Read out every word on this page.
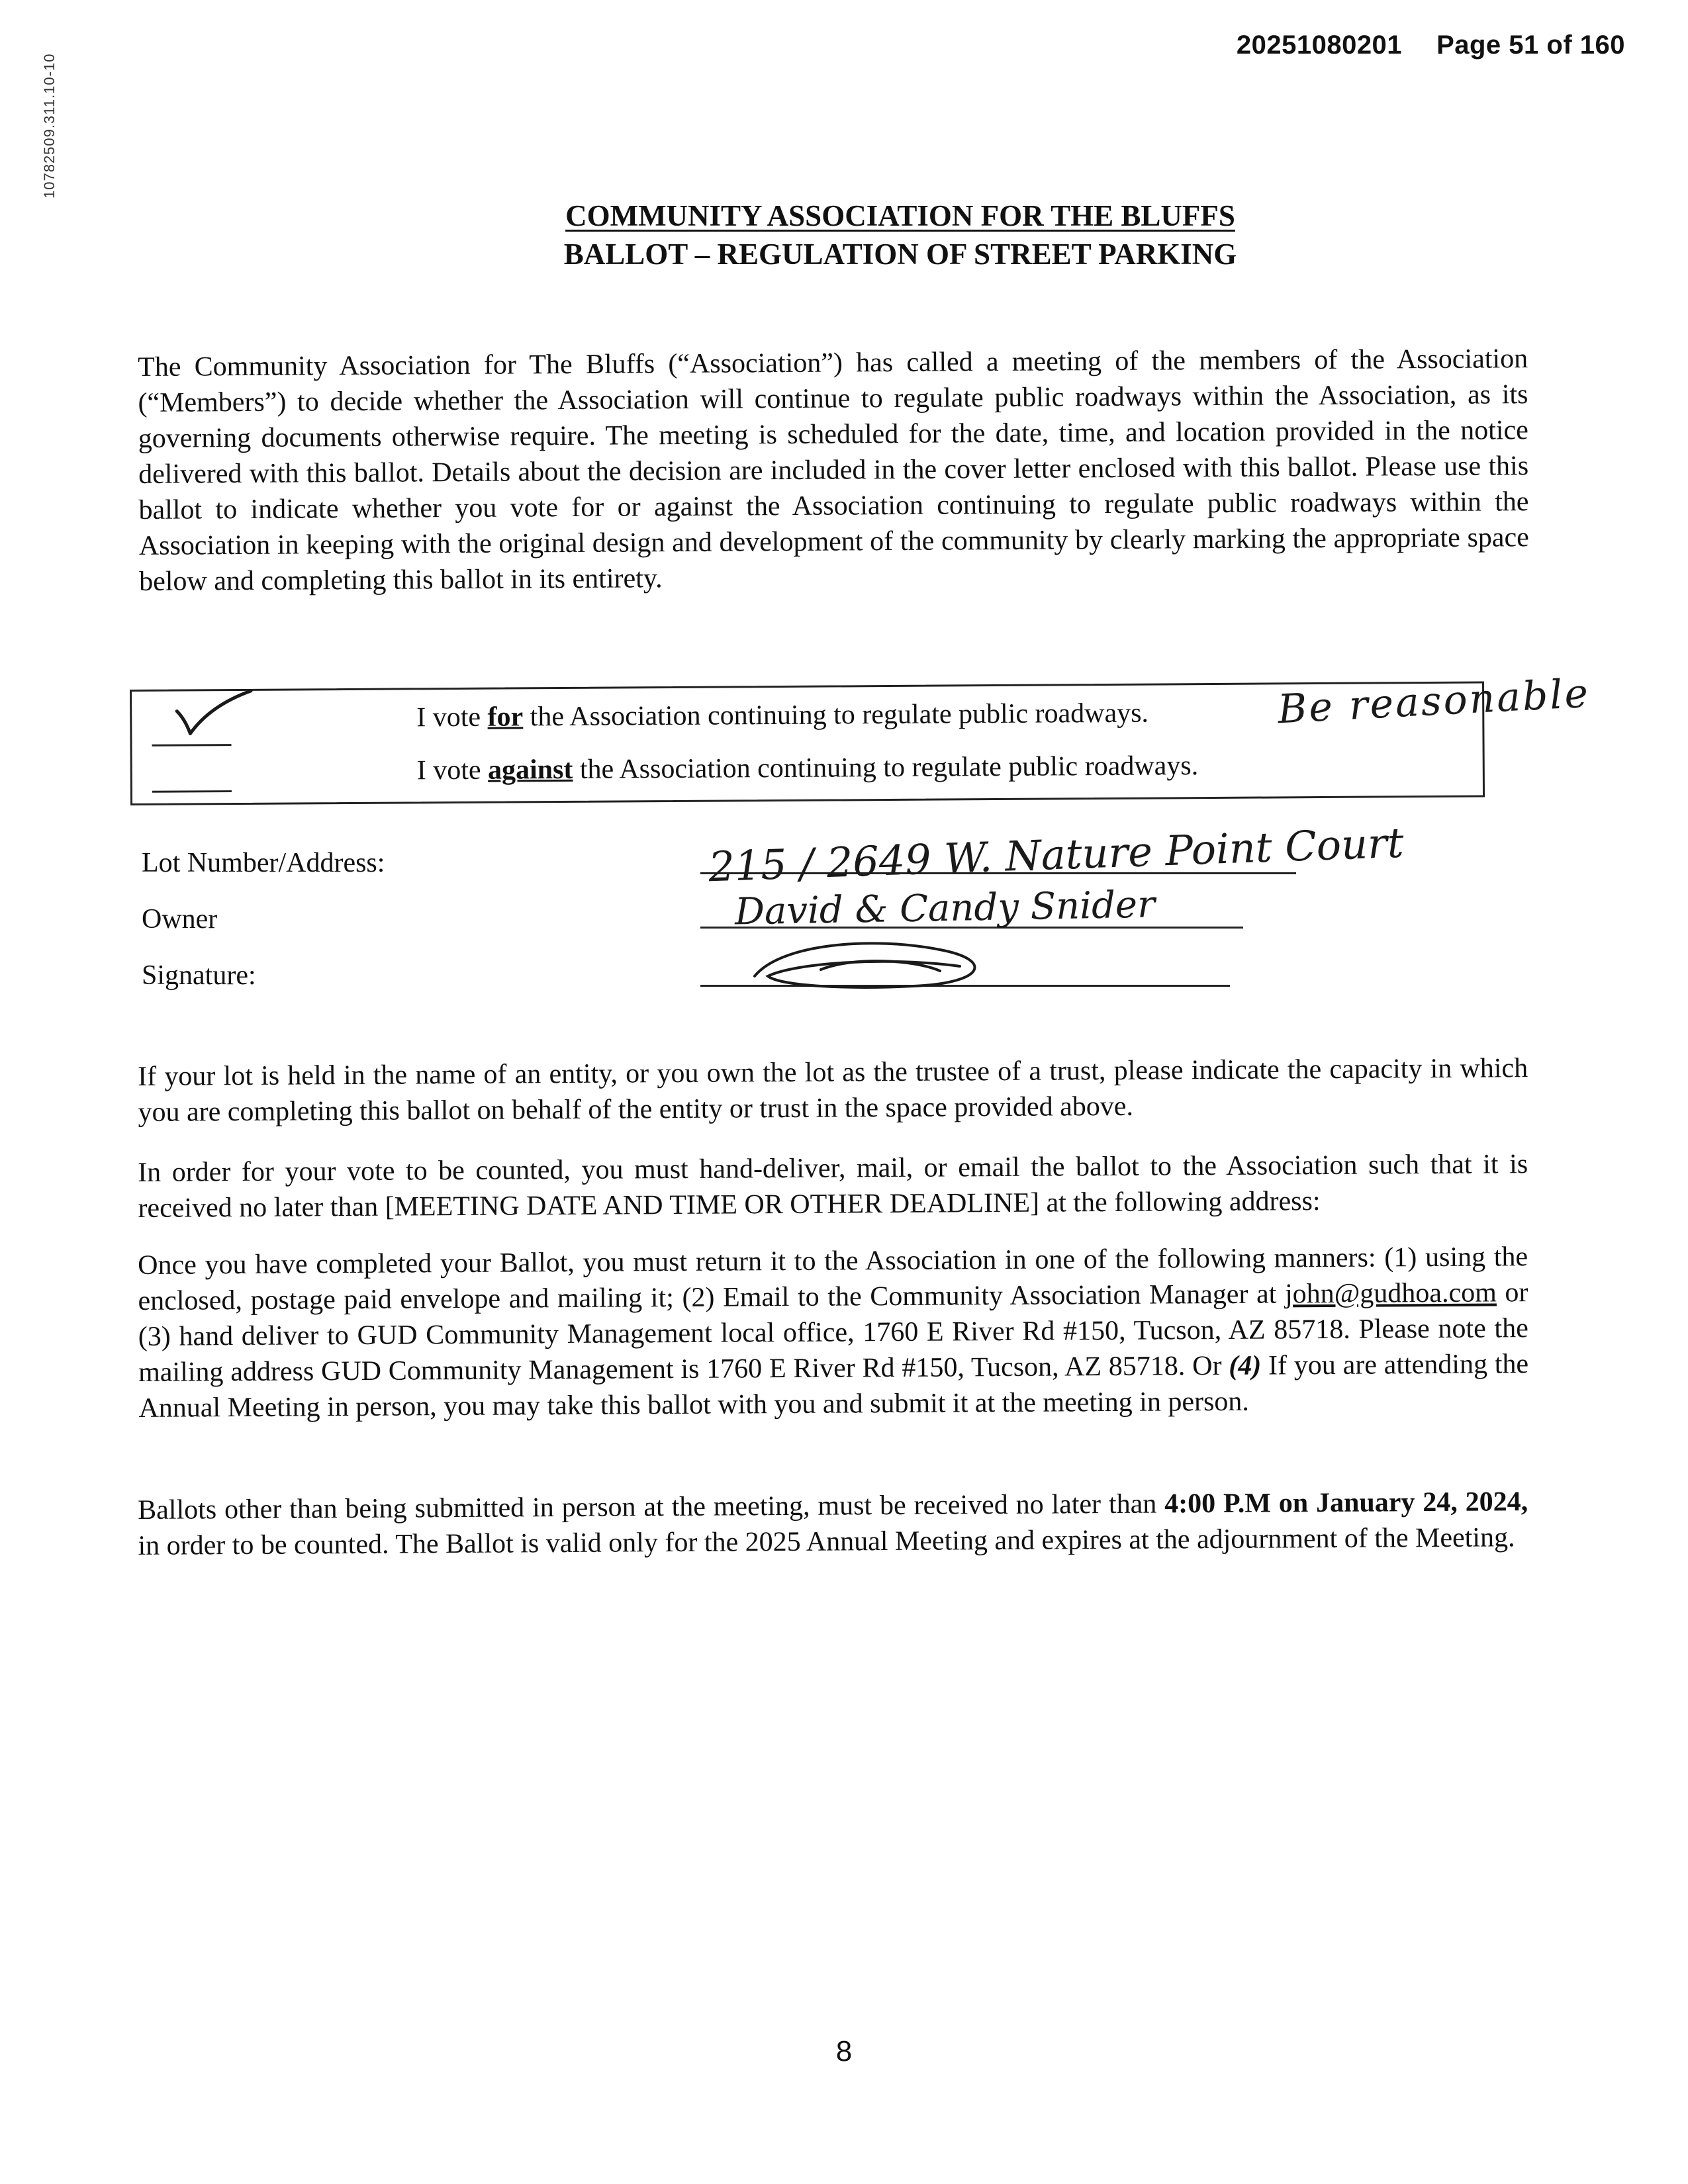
20251080201 Page 51 of 160
10782509.311.10-10
COMMUNITY ASSOCIATION FOR THE BLUFFS
BALLOT – REGULATION OF STREET PARKING
The Community Association for The Bluffs (“Association”) has called a meeting of the members of the Association (“Members”) to decide whether the Association will continue to regulate public roadways within the Association, as its governing documents otherwise require. The meeting is scheduled for the date, time, and location provided in the notice delivered with this ballot. Details about the decision are included in the cover letter enclosed with this ballot. Please use this ballot to indicate whether you vote for or against the Association continuing to regulate public roadways within the Association in keeping with the original design and development of the community by clearly marking the appropriate space below and completing this ballot in its entirety.
I vote for the Association continuing to regulate public roadways.
I vote against the Association continuing to regulate public roadways.
Be reasonable
Lot Number/Address:	215 / 2649 W. Nature Point Court
Owner	David & Candy Snider
Signature:
If your lot is held in the name of an entity, or you own the lot as the trustee of a trust, please indicate the capacity in which you are completing this ballot on behalf of the entity or trust in the space provided above.
In order for your vote to be counted, you must hand-deliver, mail, or email the ballot to the Association such that it is received no later than [MEETING DATE AND TIME OR OTHER DEADLINE] at the following address:
Once you have completed your Ballot, you must return it to the Association in one of the following manners: (1) using the enclosed, postage paid envelope and mailing it; (2) Email to the Community Association Manager at john@gudhoa.com or (3) hand deliver to GUD Community Management local office, 1760 E River Rd #150, Tucson, AZ 85718. Please note the mailing address GUD Community Management is 1760 E River Rd #150, Tucson, AZ 85718. Or (4) If you are attending the Annual Meeting in person, you may take this ballot with you and submit it at the meeting in person.
Ballots other than being submitted in person at the meeting, must be received no later than 4:00 P.M on January 24, 2024, in order to be counted. The Ballot is valid only for the 2025 Annual Meeting and expires at the adjournment of the Meeting.
8
